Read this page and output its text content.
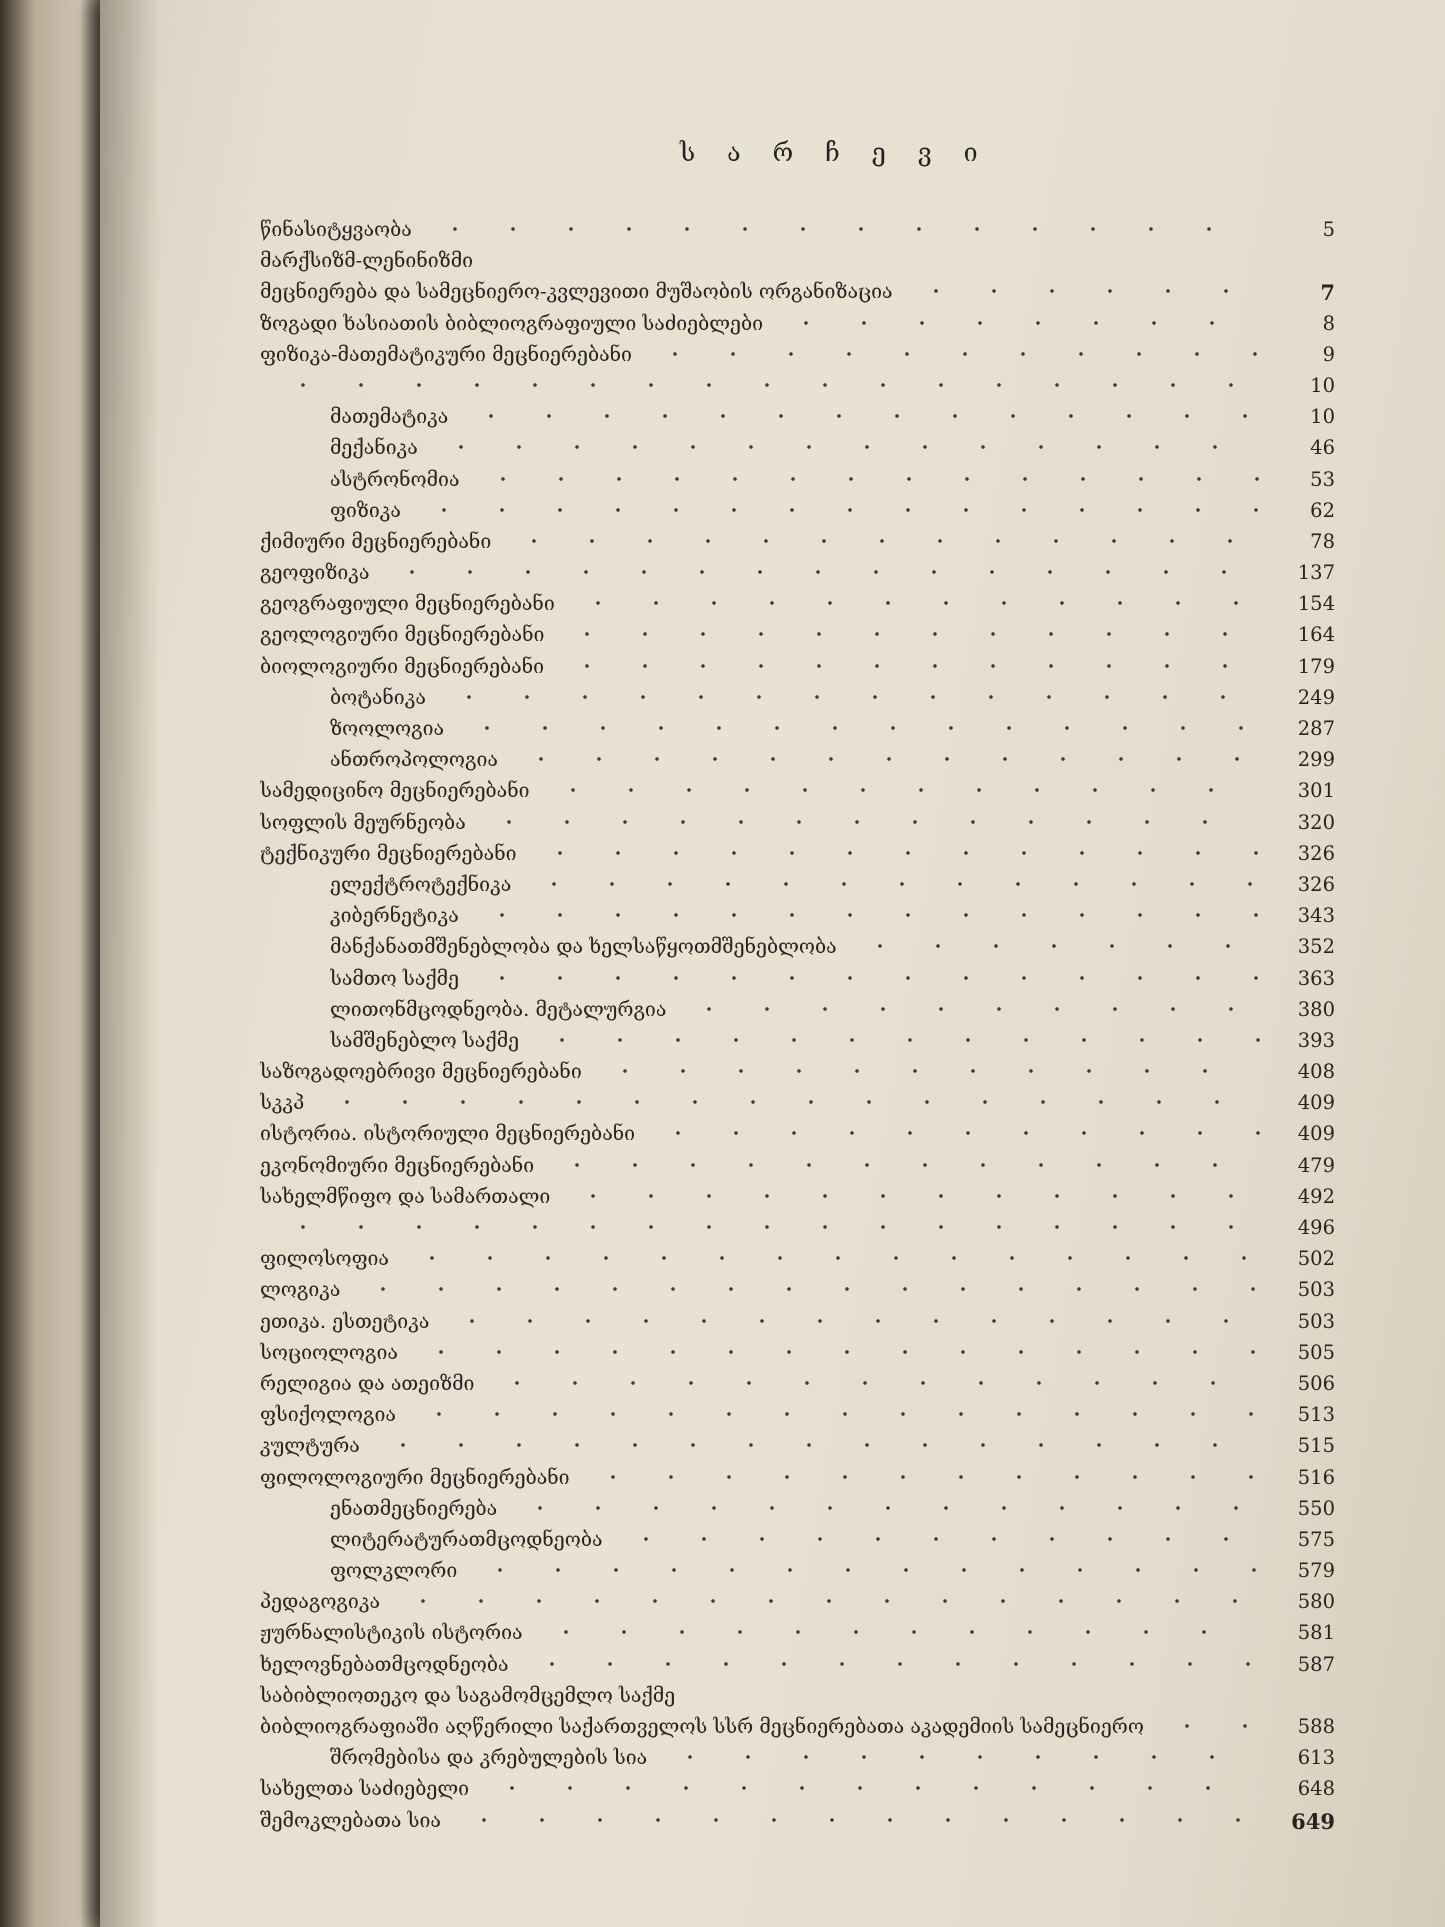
ს ა რ ჩ ე ვ ი
წინასიტყვაობა	5
მარქსიზმ-ლენინიზმი
მეცნიერება და სამეცნიერო-კვლევითი მუშაობის ორგანიზაცია	7
ზოგადი ხასიათის ბიბლიოგრაფიული საძიებლები	8
ფიზიკა-მათემატიკური მეცნიერებანი	9
10
მათემატიკა	10
მექანიკა	46
ასტრონომია	53
ფიზიკა	62
ქიმიური მეცნიერებანი	78
გეოფიზიკა	137
გეოგრაფიული მეცნიერებანი	154
გეოლოგიური მეცნიერებანი	164
ბიოლოგიური მეცნიერებანი	179
ბოტანიკა	249
ზოოლოგია	287
ანთროპოლოგია	299
სამედიცინო მეცნიერებანი	301
სოფლის მეურნეობა	320
ტექნიკური მეცნიერებანი	326
ელექტროტექნიკა	326
კიბერნეტიკა	343
მანქანათმშენებლობა და ხელსაწყოთმშენებლობა	352
სამთო საქმე	363
ლითონმცოდნეობა. მეტალურგია	380
სამშენებლო საქმე	393
საზოგადოებრივი მეცნიერებანი	408
სკკპ	409
ისტორია. ისტორიული მეცნიერებანი	409
ეკონომიური მეცნიერებანი	479
სახელმწიფო და სამართალი	492
496
ფილოსოფია	502
ლოგიკა	503
ეთიკა. ესთეტიკა	503
სოციოლოგია	505
რელიგია და ათეიზმი	506
ფსიქოლოგია	513
კულტურა	515
ფილოლოგიური მეცნიერებანი	516
ენათმეცნიერება	550
ლიტერატურათმცოდნეობა	575
ფოლკლორი	579
პედაგოგიკა	580
ჟურნალისტიკის ისტორია	581
ხელოვნებათმცოდნეობა	587
საბიბლიოთეკო და საგამომცემლო საქმე
ბიბლიოგრაფიაში აღწერილი საქართველოს სსრ მეცნიერებათა აკადემიის სამეცნიერო	588
შრომებისა და კრებულების სია	613
სახელთა საძიებელი	648
შემოკლებათა სია	649
